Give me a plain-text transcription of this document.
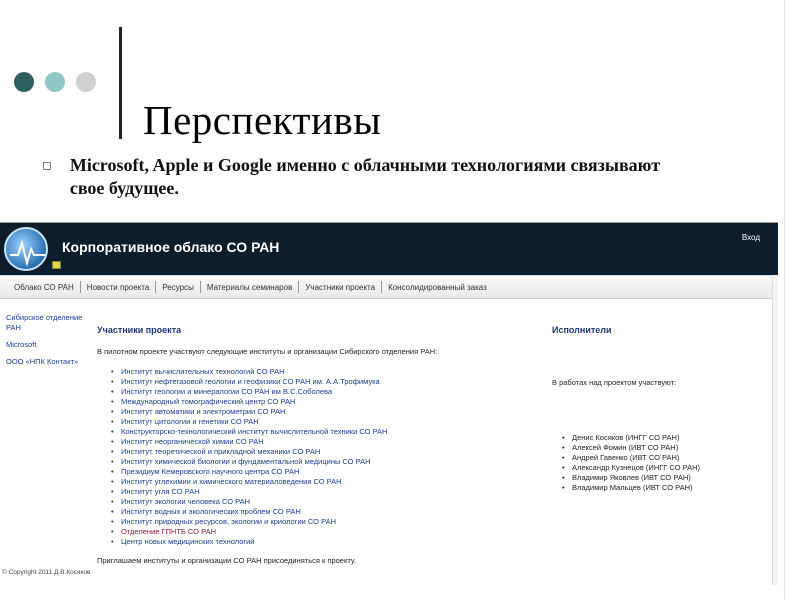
Перспективы
◻ Microsoft, Apple и Google именно с облачными технологиями связывают свое будущее.
Корпоративное облако СО РАН
Вход
Облако СО РАН	Новости проекта	Ресурсы	Материалы семинаров	Участники проекта	Консолидированный заказ
Сибирское отделение РАН
Microsoft
ООО «НПК Контакт»
Участники проекта
В пилотном проекте участвуют следующие институты и организации Сибирского отделения РАН:
• Институт вычислительных технологий СО РАН
• Институт нефтегазовой геологии и геофизики СО РАН им. А.А.Трофимука
• Институт геологии и минералогии СО РАН им В.С.Соболева
• Международный томографический центр СО РАН
• Институт автоматики и электрометрии СО РАН
• Институт цитологии и генетики СО РАН
• Конструкторско-технологический институт вычислительной техники СО РАН
• Институт неорганической химии СО РАН
• Институт теоретической и прикладной механики СО РАН
• Институт химической биологии и фундаментальной медицины СО РАН
• Президиум Кемеровского научного центра СО РАН
• Институт углехимии и химического материаловедения СО РАН
• Институт угля СО РАН
• Институт экологии человека СО РАН
• Институт водных и экологических проблем СО РАН
• Институт природных ресурсов, экологии и криологии СО РАН
• Отделение ГПНТБ СО РАН
• Центр новых медицинских технологий
Приглашаем институты и организации СО РАН присоединяться к проекту.
Исполнители
В работах над проектом участвуют:
• Денис Косяков (ИНГГ СО РАН)
• Алексей Фомин (ИВТ СО РАН)
• Андрей Гавенко (ИВТ СО РАН)
• Александр Кузнецов (ИНГГ СО РАН)
• Владимир Яковлев (ИВТ СО РАН)
• Владимир Мальцев (ИВТ СО РАН)
© Copyright 2011 Д.В.Косяков
